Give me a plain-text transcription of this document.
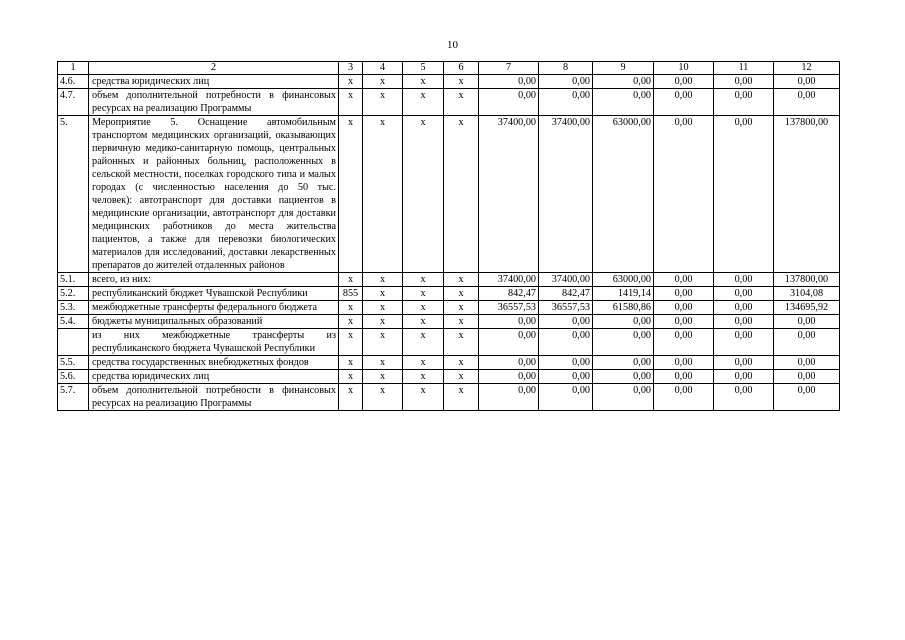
10
1	2	3	4	5	6	7	8	9	10	11	12
4.6.	средства юридических лиц	х	х	х	х	0,00	0,00	0,00	0,00	0,00	0,00
4.7.	объем дополнительной потребности в финансовых ресурсах на реализацию Программы	х	х	х	х	0,00	0,00	0,00	0,00	0,00	0,00
5.	Мероприятие 5. Оснащение автомобильным транспортом медицинских организаций, оказывающих первичную медико-санитарную помощь, центральных районных и районных больниц, расположенных в сельской местности, поселках городского типа и малых городах (с численностью населения до 50 тыс. человек): автотранспорт для доставки пациентов в медицинские организации, автотранспорт для доставки медицинских работников до места жительства пациентов, а также для перевозки биологических материалов для исследований, доставки лекарственных препаратов до жителей отдаленных районов	х	х	х	х	37400,00	37400,00	63000,00	0,00	0,00	137800,00
5.1.	всего, из них:	х	х	х	х	37400,00	37400,00	63000,00	0,00	0,00	137800,00
5.2.	республиканский бюджет Чувашской Республики	855	х	х	х	842,47	842,47	1419,14	0,00	0,00	3104,08
5.3.	межбюджетные трансферты федерального бюджета	х	х	х	х	36557,53	36557,53	61580,86	0,00	0,00	134695,92
5.4.	бюджеты муниципальных образований	х	х	х	х	0,00	0,00	0,00	0,00	0,00	0,00
	из них межбюджетные трансферты из республиканского бюджета Чувашской Республики	х	х	х	х	0,00	0,00	0,00	0,00	0,00	0,00
5.5.	средства государственных внебюджетных фондов	х	х	х	х	0,00	0,00	0,00	0,00	0,00	0,00
5.6.	средства юридических лиц	х	х	х	х	0,00	0,00	0,00	0,00	0,00	0,00
5.7.	объем дополнительной потребности в финансовых ресурсах на реализацию Программы	х	х	х	х	0,00	0,00	0,00	0,00	0,00	0,00
